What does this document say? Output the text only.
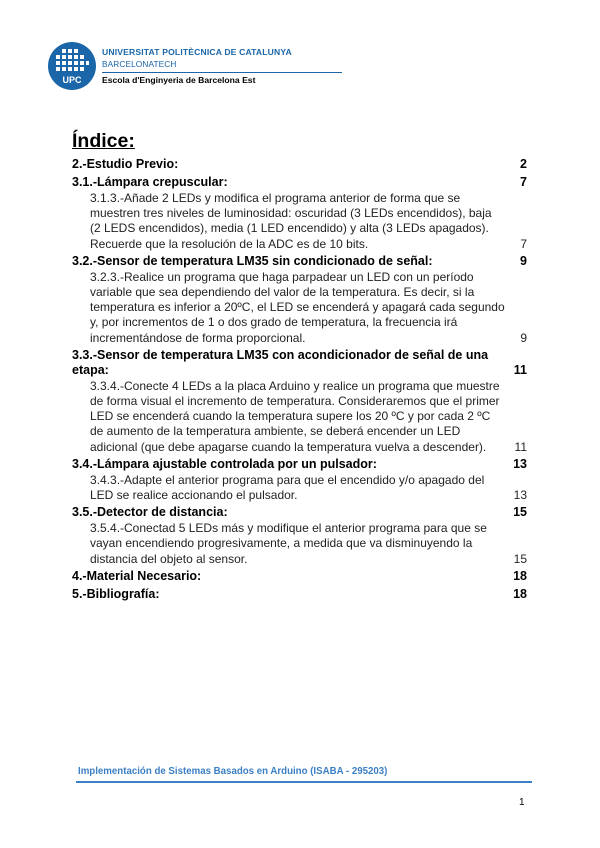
UPC
UNIVERSITAT POLITÈCNICA DE CATALUNYA
BARCELONATECH
Escola d'Enginyeria de Barcelona Est
Índice:
2.-Estudio Previo:	2
3.1.-Lámpara crepuscular:	7
3.1.3.-Añade 2 LEDs y modifica el programa anterior de forma que se muestren tres niveles de luminosidad: oscuridad (3 LEDs encendidos), baja (2 LEDS encendidos), media (1 LED encendido) y alta (3 LEDs apagados). Recuerde que la resolución de la ADC es de 10 bits.	7
3.2.-Sensor de temperatura LM35 sin condicionado de señal:	9
3.2.3.-Realice un programa que haga parpadear un LED con un período variable que sea dependiendo del valor de la temperatura. Es decir, si la temperatura es inferior a 20ºC, el LED se encenderá y apagará cada segundo y, por incrementos de 1 o dos grado de temperatura, la frecuencia irá incrementándose de forma proporcional.	9
3.3.-Sensor de temperatura LM35 con acondicionador de señal de una etapa:	11
3.3.4.-Conecte 4 LEDs a la placa Arduino y realice un programa que muestre de forma visual el incremento de temperatura. Consideraremos que el primer LED se encenderá cuando la temperatura supere los 20 ºC y por cada 2 ºC de aumento de la temperatura ambiente, se deberá encender un LED adicional (que debe apagarse cuando la temperatura vuelva a descender).	11
3.4.-Lámpara ajustable controlada por un pulsador:	13
3.4.3.-Adapte el anterior programa para que el encendido y/o apagado del LED se realice accionando el pulsador.	13
3.5.-Detector de distancia:	15
3.5.4.-Conectad 5 LEDs más y modifique el anterior programa para que se vayan encendiendo progresivamente, a medida que va disminuyendo la distancia del objeto al sensor.	15
4.-Material Necesario:	18
5.-Bibliografía:	18
Implementación de Sistemas Basados en Arduino (ISABA - 295203)
1
